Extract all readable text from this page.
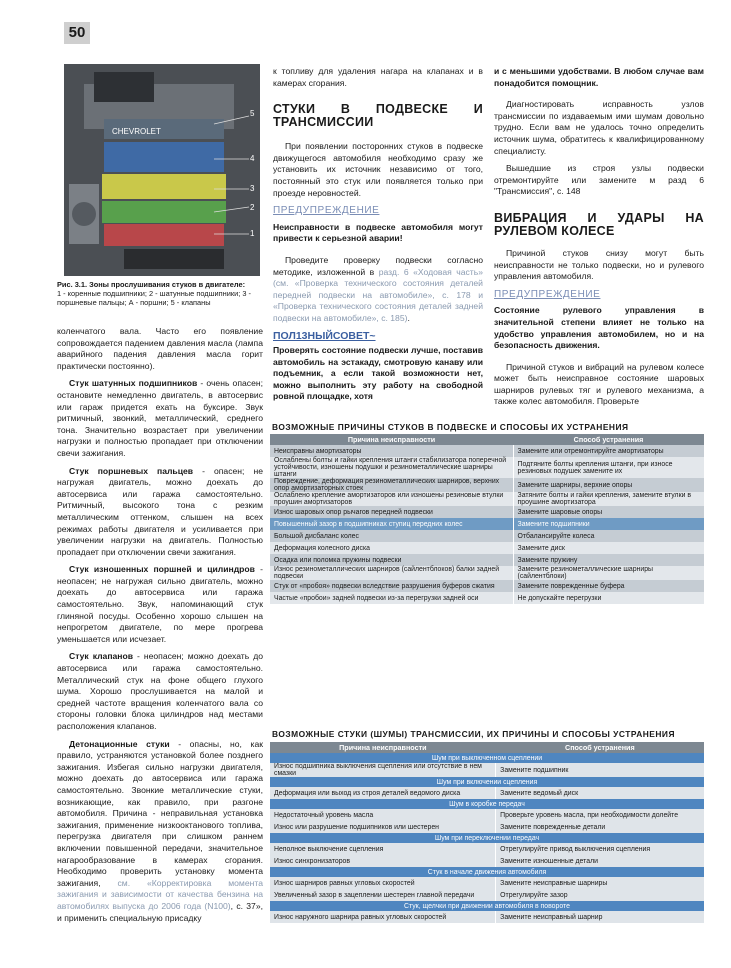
50
CHEVROLET
5
4
3
2
1
Рис. 3.1. Зоны прослушивания стуков в двигателе:
1 - коренные подшипники; 2 - шатунные подшипники; 3 - поршневые пальцы; А - поршни; 5 - клапаны

коленчатого вала. Часто его появление сопровождается падением давления масла (лампа аварийного падения давления масла горит практически постоянно).

Стук шатунных подшипников - очень опасен; остановите немедленно двигатель, в автосервис или гараж придется ехать на буксире. Звук ритмичный, звонкий, металлический, среднего тона. Значительно возрастает при увеличении нагрузки и полностью пропадает при отключении свечи зажигания.

Стук поршневых пальцев - опасен; не нагружая двигатель, можно доехать до автосервиса или гаража самостоятельно. Ритмичный, высокого тона с резким металлическим оттенком, слышен на всех режимах работы двигателя и усиливается при увеличении нагрузки на двигатель. Полностью пропадает при отключении свечи зажигания.

Стук изношенных поршней и цилиндров - неопасен; не нагружая сильно двигатель, можно доехать до автосервиса или гаража самостоятельно. Звук, напоминающий стук глиняной посуды. Особенно хорошо слышен на непрогретом двигателе, по мере прогрева уменьшается или исчезает.

Стук клапанов - неопасен; можно доехать до автосервиса или гаража самостоятельно. Металлический стук на фоне общего глухого шума. Хорошо прослушивается на малой и средней частоте вращения коленчатого вала со стороны головки блока цилиндров над местами расположения клапанов.

Детонационные стуки - опасны, но, как правило, устраняются установкой более позднего зажигания. Избегая сильно нагрузки двигателя, можно доехать до автосервиса или гаража самостоятельно. Звонкие металлические стуки, возникающие, как правило, при разгоне автомобиля. Причина - неправильная установка зажигания, применение низкооктанового топлива, перегрузка двигателя при слишком раннем включении повышенной передачи, значительное нагарообразование в камерах сгорания. Необходимо проверить установку момента зажигания, см. «Корректировка момента зажигания и зависимости от качества бензина на автомобилях выпуска до 2006 года (N100), с. 37», и применить специальную присадку

к топливу для удаления нагара на клапанах и в камерах сгорания.

СТУКИ В ПОДВЕСКЕ И ТРАНСМИССИИ

При появлении посторонних стуков в подвеске движущегося автомобиля необходимо сразу же установить их источник независимо от того, постоянный это стук или появляется только при проезде неровностей.

ПРЕДУПРЕЖДЕНИЕ

Неисправности в подвеске автомобиля могут привести к серьезной аварии!

Проведите проверку подвески согласно методике, изложенной в разд. 6 «Ходовая часть» (см. «Проверка технического состояния деталей передней подвески на автомобиле», с. 178 и «Проверка технического состояния деталей задней подвески на автомобиле», с. 185).

ПОЛ13НЫЙСОВЕТ~

Проверять состояние подвески лучше, поставив автомобиль на эстакаду, смотровую канаву или подъемник, а если такой возможности нет, можно выполнить эту работу на свободной ровной площадке, хотя

и с меньшими удобствами. В любом случае вам понадобится помощник.

Диагностировать исправность узлов трансмиссии по издаваемым ими шумам довольно трудно. Если вам не удалось точно определить источник шума, обратитесь к квалифицированному специалисту.

Вышедшие из строя узлы подвески отремонтируйте или замените м разд 6 "Трансмиссия", с. 148

ВИБРАЦИЯ И УДАРЫ НА РУЛЕВОМ КОЛЕСЕ

Причиной стуков снизу могут быть неисправности не только подвески, но и рулевого управления автомобиля.

ПРЕДУПРЕЖДЕНИЕ

Состояние рулевого управления в значительной степени влияет не только на удобство управления автомобилем, но и на безопасность движения.

Причиной стуков и вибраций на рулевом колесе может быть неисправное состояние шаровых шарниров рулевых тяг и рулевого механизма, а также колес автомобиля. Проверьте

ВОЗМОЖНЫЕ ПРИЧИНЫ СТУКОВ В ПОДВЕСКЕ И СПОСОБЫ ИХ УСТРАНЕНИЯ
Причина неисправности	Способ устранения
Неисправны амортизаторы	Замените или отремонтируйте амортизаторы
Ослаблены болты и гайки крепления штанги стабилизатора поперечной устойчивости, изношены подушки и резинометаллические шарниры штанги	Подтяните болты крепления штанги, при износе резиновых подушек замените их
Повреждение, деформация резинометаллических шарниров, верхних опор амортизаторных стоек	Замените шарниры, верхние опоры
Ослаблено крепление амортизаторов или изношены резиновые втулки проушин амортизаторов	Затяните болты и гайки крепления, замените втулки в проушине амортизатора
Износ шаровых опор рычагов передней подвески	Замените шаровые опоры
Повышенный зазор в подшипниках ступиц передних колес	Замените подшипники
Большой дисбаланс колес	Отбалансируйте колеса
Деформация колесного диска	Замените диск
Осадка или поломка пружины подвески	Замените пружину
Износ резинометаллических шарниров (сайлентблоков) балки задней подвески	Замените резинометаллические шарниры (сайлентблоки)
Стук от «пробоя» подвески вследствие разрушения буферов сжатия	Замените поврежденные буфера
Частые «пробои» задней подвески из-за перегрузки задней оси	Не допускайте перегрузки
ВОЗМОЖНЫЕ СТУКИ (ШУМЫ) ТРАНСМИССИИ, ИХ ПРИЧИНЫ И СПОСОБЫ УСТРАНЕНИЯ
Причина неисправности	Способ устранения
Шум при выключенном сцеплении	
Износ подшипника выключения сцепления или отсутствие в нем смазки	Замените подшипник
Шум при включении сцепления	
Деформация или выход из строя деталей ведомого диска	Замените ведомый диск
Шум в коробке передач	
Недостаточный уровень масла	Проверьте уровень масла, при необходимости долейте
Износ или разрушение подшипников или шестерен	Замените поврежденные детали
Шум при переключении передач	
Неполное выключение сцепления	Отрегулируйте привод выключения сцепления
Износ синхронизаторов	Замените изношенные детали
Стук в начале движения автомобиля	
Износ шарниров равных угловых скоростей	Замените неисправные шарниры
Увеличенный зазор в зацеплении шестерен главной передачи	Отрегулируйте зазор
Стук, щелчки при движении автомобиля в повороте	
Износ наружного шарнира равных угловых скоростей	Замените неисправный шарнир
